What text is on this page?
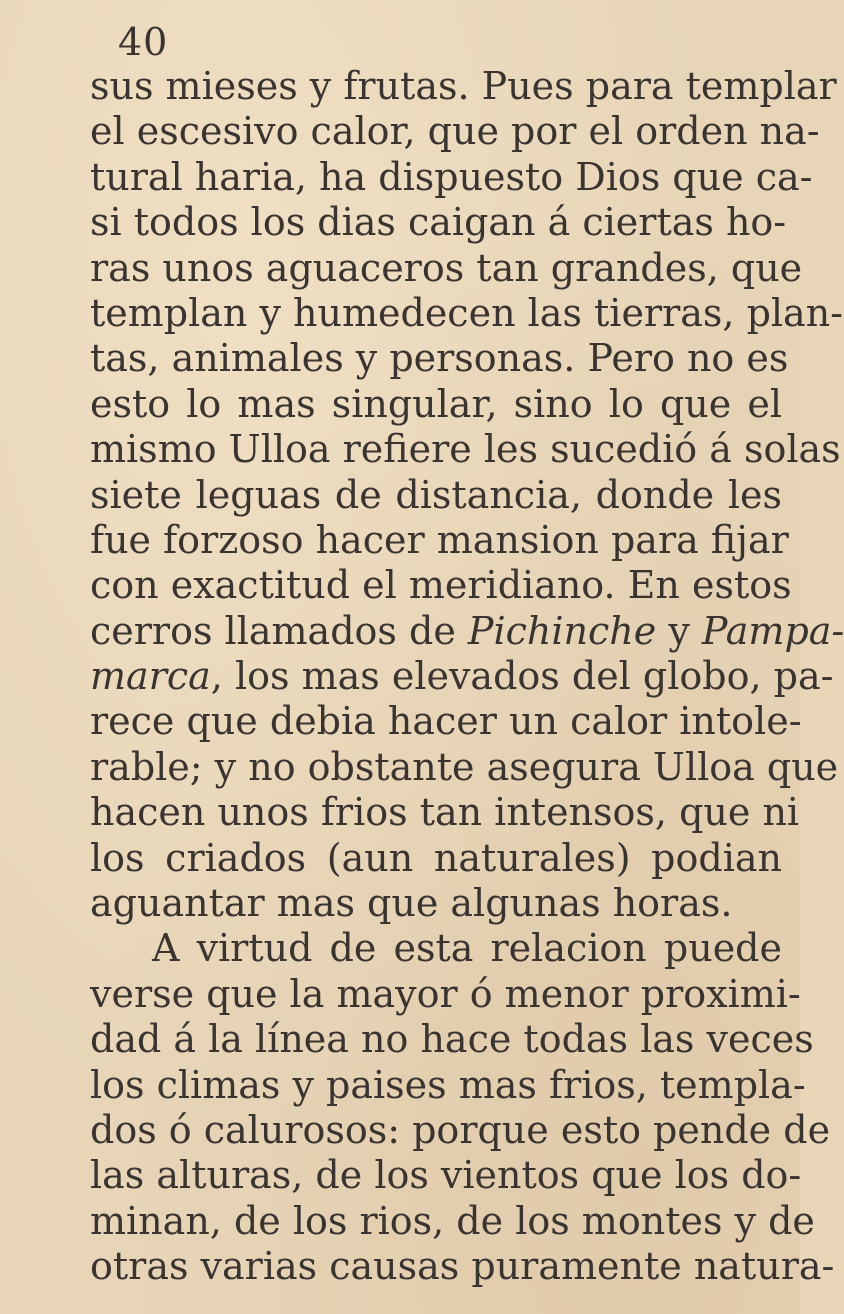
40
sus mieses y frutas. Pues para templar
el escesivo calor, que por el orden na-
tural haria, ha dispuesto Dios que ca-
si todos los dias caigan á ciertas ho-
ras unos aguaceros tan grandes, que
templan y humedecen las tierras, plan-
tas, animales y personas. Pero no es
esto lo mas singular, sino lo que el
mismo Ulloa refiere les sucedió á solas
siete leguas de distancia, donde les
fue forzoso hacer mansion para fijar
con exactitud el meridiano. En estos
cerros llamados de Pichinche y Pampa-
marca, los mas elevados del globo, pa-
rece que debia hacer un calor intole-
rable; y no obstante asegura Ulloa que
hacen unos frios tan intensos, que ni
los criados (aun naturales) podian
aguantar mas que algunas horas.
A virtud de esta relacion puede
verse que la mayor ó menor proximi-
dad á la línea no hace todas las veces
los climas y paises mas frios, templa-
dos ó calurosos: porque esto pende de
las alturas, de los vientos que los do-
minan, de los rios, de los montes y de
otras varias causas puramente natura-
